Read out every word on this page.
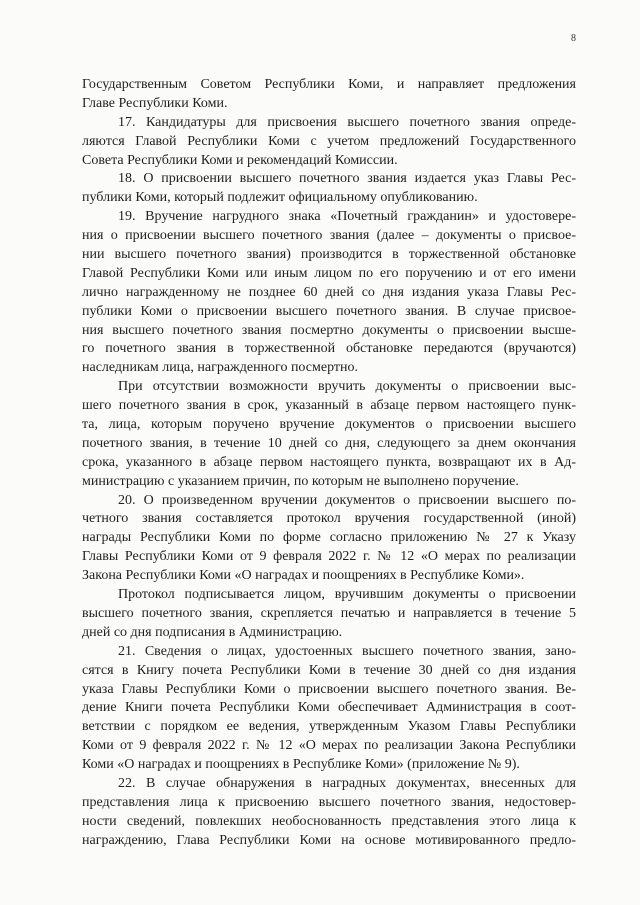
8
Государственным Советом Республики Коми, и направляет предложения
Главе Республики Коми.
17. Кандидатуры для присвоения высшего почетного звания опреде-
ляются Главой Республики Коми с учетом предложений Государственного
Совета Республики Коми и рекомендаций Комиссии.
18. О присвоении высшего почетного звания издается указ Главы Рес-
публики Коми, который подлежит официальному опубликованию.
19. Вручение нагрудного знака «Почетный гражданин» и удостовере-
ния о присвоении высшего почетного звания (далее – документы о присвое-
нии высшего почетного звания) производится в торжественной обстановке
Главой Республики Коми или иным лицом по его поручению и от его имени
лично награжденному не позднее 60 дней со дня издания указа Главы Рес-
публики Коми о присвоении высшего почетного звания. В случае присвое-
ния высшего почетного звания посмертно документы о присвоении высше-
го почетного звания в торжественной обстановке передаются (вручаются)
наследникам лица, награжденного посмертно.
При отсутствии возможности вручить документы о присвоении выс-
шего почетного звания в срок, указанный в абзаце первом настоящего пунк-
та, лица, которым поручено вручение документов о присвоении высшего
почетного звания, в течение 10 дней со дня, следующего за днем окончания
срока, указанного в абзаце первом настоящего пункта, возвращают их в Ад-
министрацию с указанием причин, по которым не выполнено поручение.
20. О произведенном вручении документов о присвоении высшего по-
четного звания составляется протокол вручения государственной (иной)
награды Республики Коми по форме согласно приложению № 27 к Указу
Главы Республики Коми от 9 февраля 2022 г. № 12 «О мерах по реализации
Закона Республики Коми «О наградах и поощрениях в Республике Коми».
Протокол подписывается лицом, вручившим документы о присвоении
высшего почетного звания, скрепляется печатью и направляется в течение 5
дней со дня подписания в Администрацию.
21. Сведения о лицах, удостоенных высшего почетного звания, зано-
сятся в Книгу почета Республики Коми в течение 30 дней со дня издания
указа Главы Республики Коми о присвоении высшего почетного звания. Ве-
дение Книги почета Республики Коми обеспечивает Администрация в соот-
ветствии с порядком ее ведения, утвержденным Указом Главы Республики
Коми от 9 февраля 2022 г. № 12 «О мерах по реализации Закона Республики
Коми «О наградах и поощрениях в Республике Коми» (приложение № 9).
22. В случае обнаружения в наградных документах, внесенных для
представления лица к присвоению высшего почетного звания, недостовер-
ности сведений, повлекших необоснованность представления этого лица к
награждению, Глава Республики Коми на основе мотивированного предло-
